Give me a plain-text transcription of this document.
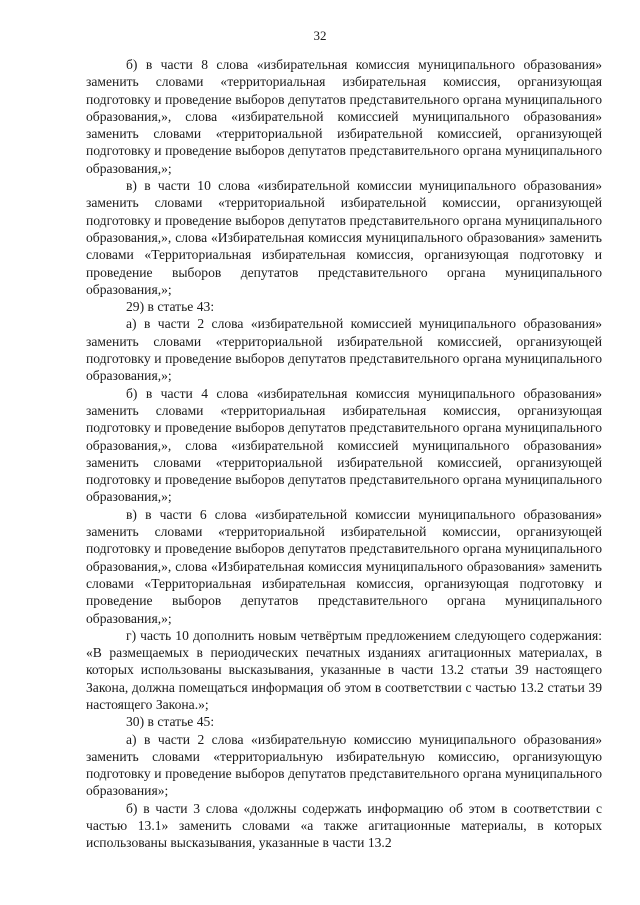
32

б) в части 8 слова «избирательная комиссия муниципального образования» заменить словами «территориальная избирательная комиссия, организующая подготовку и проведение выборов депутатов представительного органа муниципального образования,», слова «избирательной комиссией муниципального образования» заменить словами «территориальной избирательной комиссией, организующей подготовку и проведение выборов депутатов представительного органа муниципального образования,»;

в) в части 10 слова «избирательной комиссии муниципального образования» заменить словами «территориальной избирательной комиссии, организующей подготовку и проведение выборов депутатов представительного органа муниципального образования,», слова «Избирательная комиссия муниципального образования» заменить словами «Территориальная избирательная комиссия, организующая подготовку и проведение выборов депутатов представительного органа муниципального образования,»;

29) в статье 43:

а) в части 2 слова «избирательной комиссией муниципального образования» заменить словами «территориальной избирательной комиссией, организующей подготовку и проведение выборов депутатов представительного органа муниципального образования,»;

б) в части 4 слова «избирательная комиссия муниципального образования» заменить словами «территориальная избирательная комиссия, организующая подготовку и проведение выборов депутатов представительного органа муниципального образования,», слова «избирательной комиссией муниципального образования» заменить словами «территориальной избирательной комиссией, организующей подготовку и проведение выборов депутатов представительного органа муниципального образования,»;

в) в части 6 слова «избирательной комиссии муниципального образования» заменить словами «территориальной избирательной комиссии, организующей подготовку и проведение выборов депутатов представительного органа муниципального образования,», слова «Избирательная комиссия муниципального образования» заменить словами «Территориальная избирательная комиссия, организующая подготовку и проведение выборов депутатов представительного органа муниципального образования,»;

г) часть 10 дополнить новым четвёртым предложением следующего содержания: «В размещаемых в периодических печатных изданиях агитационных материалах, в которых использованы высказывания, указанные в части 13.2 статьи 39 настоящего Закона, должна помещаться информация об этом в соответствии с частью 13.2 статьи 39 настоящего Закона.»;

30) в статье 45:

а) в части 2 слова «избирательную комиссию муниципального образования» заменить словами «территориальную избирательную комиссию, организующую подготовку и проведение выборов депутатов представительного органа муниципального образования»;

б) в части 3 слова «должны содержать информацию об этом в соответствии с частью 13.1» заменить словами «а также агитационные материалы, в которых использованы высказывания, указанные в части 13.2
